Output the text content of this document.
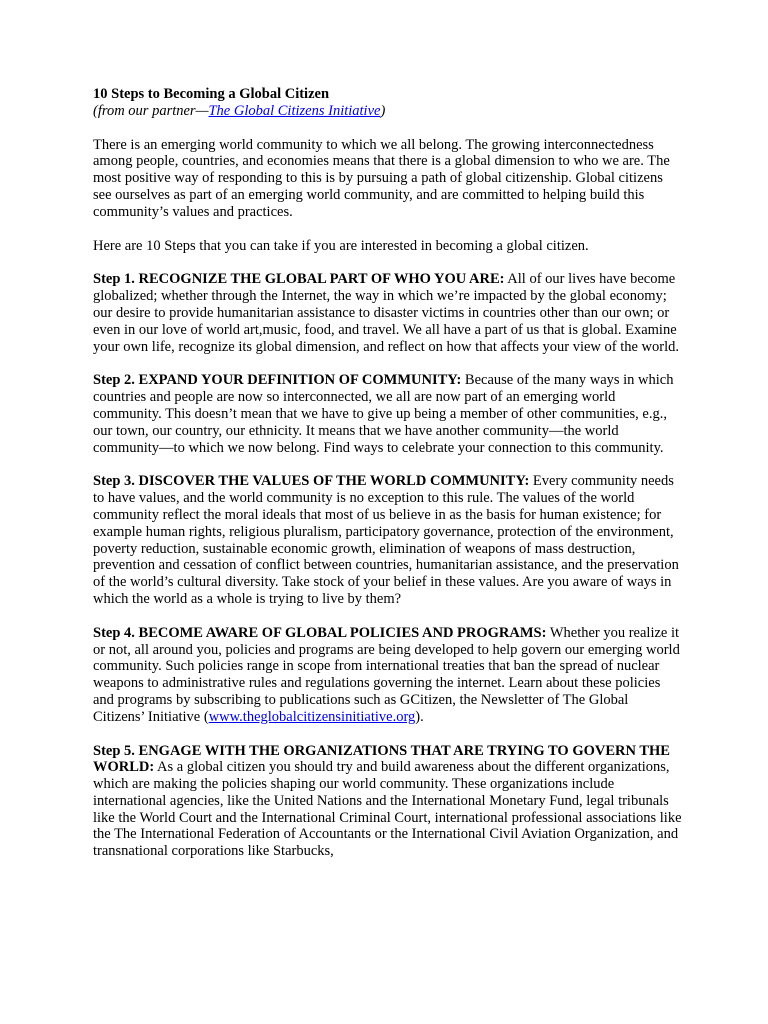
10 Steps to Becoming a Global Citizen
(from our partner—The Global Citizens Initiative)

There is an emerging world community to which we all belong. The growing interconnectedness among people, countries, and economies means that there is a global dimension to who we are. The most positive way of responding to this is by pursuing a path of global citizenship. Global citizens see ourselves as part of an emerging world community, and are committed to helping build this community’s values and practices.

Here are 10 Steps that you can take if you are interested in becoming a global citizen.

Step 1. RECOGNIZE THE GLOBAL PART OF WHO YOU ARE: All of our lives have become globalized; whether through the Internet, the way in which we’re impacted by the global economy; our desire to provide humanitarian assistance to disaster victims in countries other than our own; or even in our love of world art,music, food, and travel. We all have a part of us that is global. Examine your own life, recognize its global dimension, and reflect on how that affects your view of the world.

Step 2. EXPAND YOUR DEFINITION OF COMMUNITY: Because of the many ways in which countries and people are now so interconnected, we all are now part of an emerging world community. This doesn’t mean that we have to give up being a member of other communities, e.g., our town, our country, our ethnicity. It means that we have another community—the world community—to which we now belong. Find ways to celebrate your connection to this community.

Step 3. DISCOVER THE VALUES OF THE WORLD COMMUNITY: Every community needs to have values, and the world community is no exception to this rule. The values of the world community reflect the moral ideals that most of us believe in as the basis for human existence; for example human rights, religious pluralism, participatory governance, protection of the environment, poverty reduction, sustainable economic growth, elimination of weapons of mass destruction, prevention and cessation of conflict between countries, humanitarian assistance, and the preservation of the world’s cultural diversity. Take stock of your belief in these values. Are you aware of ways in which the world as a whole is trying to live by them?

Step 4. BECOME AWARE OF GLOBAL POLICIES AND PROGRAMS: Whether you realize it or not, all around you, policies and programs are being developed to help govern our emerging world community. Such policies range in scope from international treaties that ban the spread of nuclear weapons to administrative rules and regulations governing the internet. Learn about these policies and programs by subscribing to publications such as GCitizen, the Newsletter of The Global Citizens’ Initiative (www.theglobalcitizensinitiative.org).

Step 5. ENGAGE WITH THE ORGANIZATIONS THAT ARE TRYING TO GOVERN THE WORLD: As a global citizen you should try and build awareness about the different organizations, which are making the policies shaping our world community. These organizations include international agencies, like the United Nations and the International Monetary Fund, legal tribunals like the World Court and the International Criminal Court, international professional associations like the The International Federation of Accountants or the International Civil Aviation Organization, and transnational corporations like Starbucks,
